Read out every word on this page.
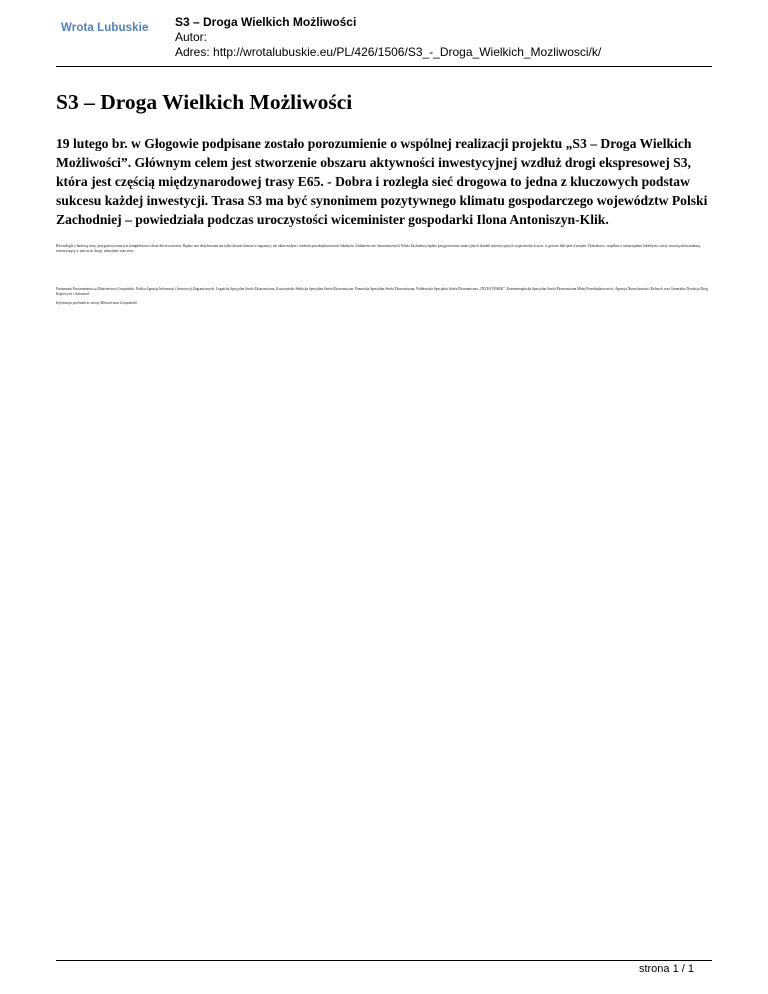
Wrota Lubuskie S3 – Droga Wielkich Możliwości
Autor:
Adres: http://wrotalubuskie.eu/PL/426/1506/S3_-_Droga_Wielkich_Mozliwosci/k/
S3 – Droga Wielkich Możliwości

19 lutego br. w Głogowie podpisane zostało porozumienie o wspólnej realizacji projektu „S3 – Droga Wielkich Możliwości”. Głównym celem jest stworzenie obszaru aktywności inwestycyjnej wzdłuż drogi ekspresowej S3, która jest częścią międzynarodowej trasy E65. - Dobra i rozległa sieć drogowa to jedna z kluczowych podstaw sukcesu każdej inwestycji. Trasa S3 ma być synonimem pozytywnego klimatu gospodarczego województw Polski Zachodniej – powiedziała podczas uroczystości wiceminister gospodarki Ilona Antoniszyn-Klik.

Równolegle z budową trasy, przygotowywana jest kompleksowa oferta dla inwestorów. Będzie ona dedykowana nie tylko dużym firmom z zagranicy, ale także małym i średnim przedsiębiorstwom lokalnym. Zadaniem sieć ekonomicznych Polski Zachodniej będzie przygotowanie atrakcyjnych działek inwestycyjnych wyposażonych m.in. w gotowe hale pod wynajem. Dodatkowo, wspólnie z samorządami lokalnymi, strefy stworzą infrastrukturę towarzyszącą w tym m.in. drogi, zabrojenie oraz sieci.

Partnerami Porozumienia są Ministerstwo Gospodarki, Polska Agencja Informacji i Inwestycji Zagranicznych, Legnicka Specjalna Strefa Ekonomiczna, Kostrzyńsko-Słubicka Specjalna Strefa Ekonomiczna, Pomorska Specjalna Strefa Ekonomiczna, Wałbrzyska Specjalna Strefa Ekonomiczna „INVEST-PARK”, Kamiennogórska Specjalna Strefa Ekonomiczna Małej Przedsiębiorczości, Agencja Nieruchomości Rolnych oraz Generalna Dyrekcja Dróg Krajowych i Autostrad.

Informacja pochodzi ze strony Ministerstwa Gospodarki

strona 1 / 1
